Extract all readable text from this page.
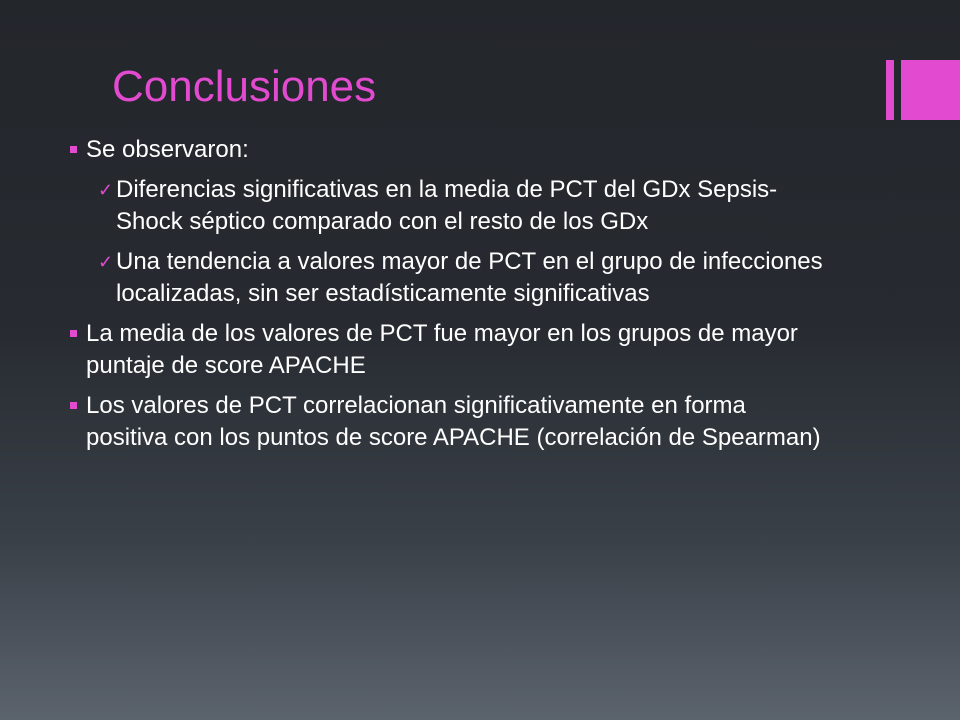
Conclusiones
Se observaron:
✓ Diferencias significativas en la media de PCT del GDx Sepsis-Shock séptico comparado con el resto de los GDx
✓ Una tendencia a valores mayor de PCT en el grupo de infecciones localizadas, sin ser estadísticamente significativas
La media de los valores de PCT fue mayor en los grupos de mayor puntaje de score APACHE
Los valores de PCT correlacionan significativamente en forma positiva con los puntos de score APACHE (correlación de Spearman)
